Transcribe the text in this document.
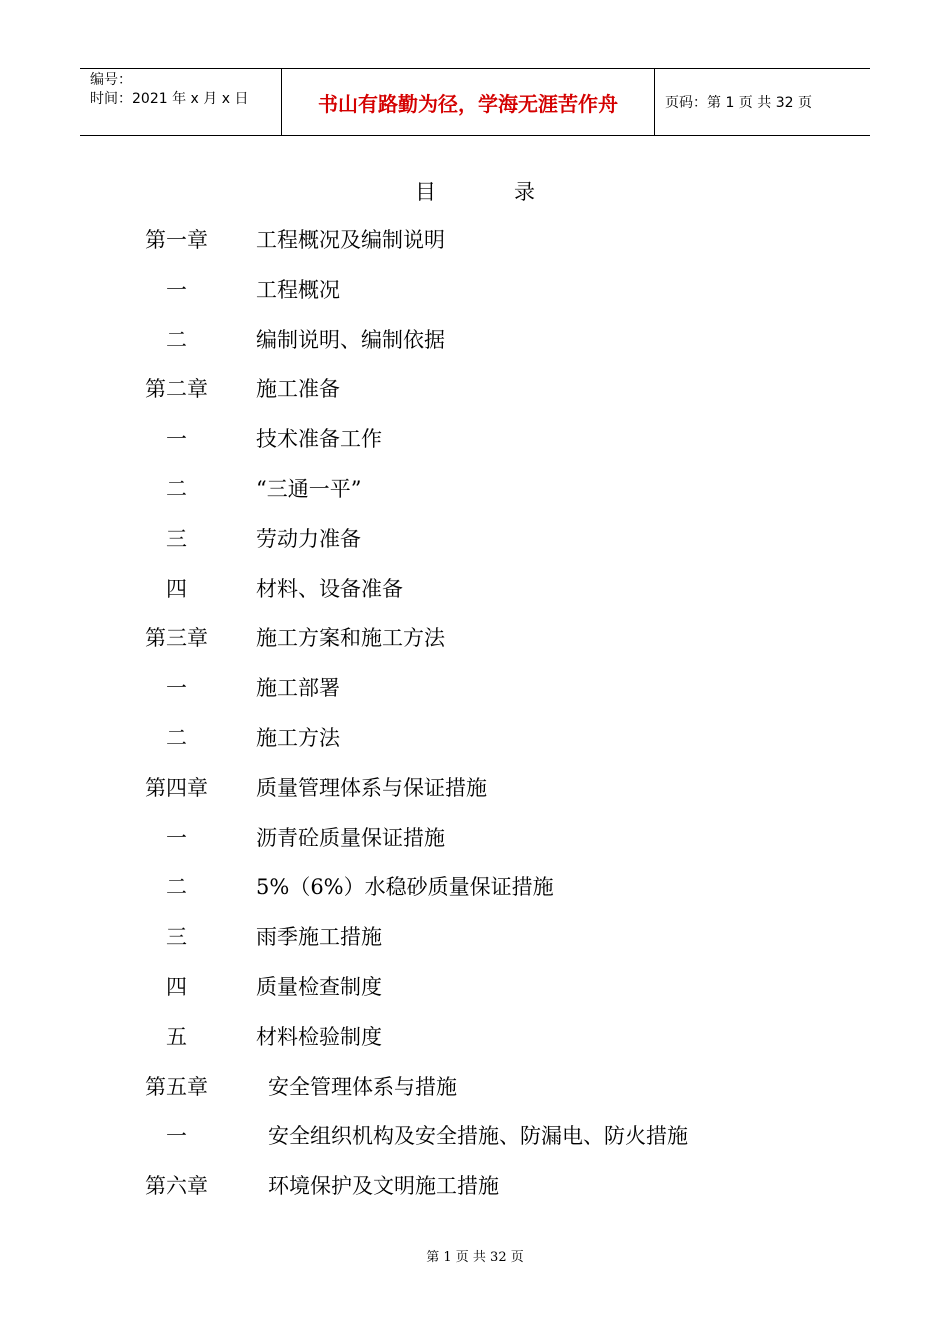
编号：
时间：2021 年 x 月 x 日	书山有路勤为径，学海无涯苦作舟	页码：第 1 页 共 32 页
目	录
第一章 工程概况及编制说明
一	工程概况
二	编制说明、编制依据
第二章 施工准备
一	技术准备工作
二	“三通一平”
三	劳动力准备
四	材料、设备准备
第三章 施工方案和施工方法
一	施工部署
二	施工方法
第四章 质量管理体系与保证措施
一	沥青砼质量保证措施
二	5%（6%）水稳砂质量保证措施
三	雨季施工措施
四	质量检查制度
五	材料检验制度
第五章	安全管理体系与措施
一	安全组织机构及安全措施、防漏电、防火措施
第六章	环境保护及文明施工措施
第 1 页 共 32 页
